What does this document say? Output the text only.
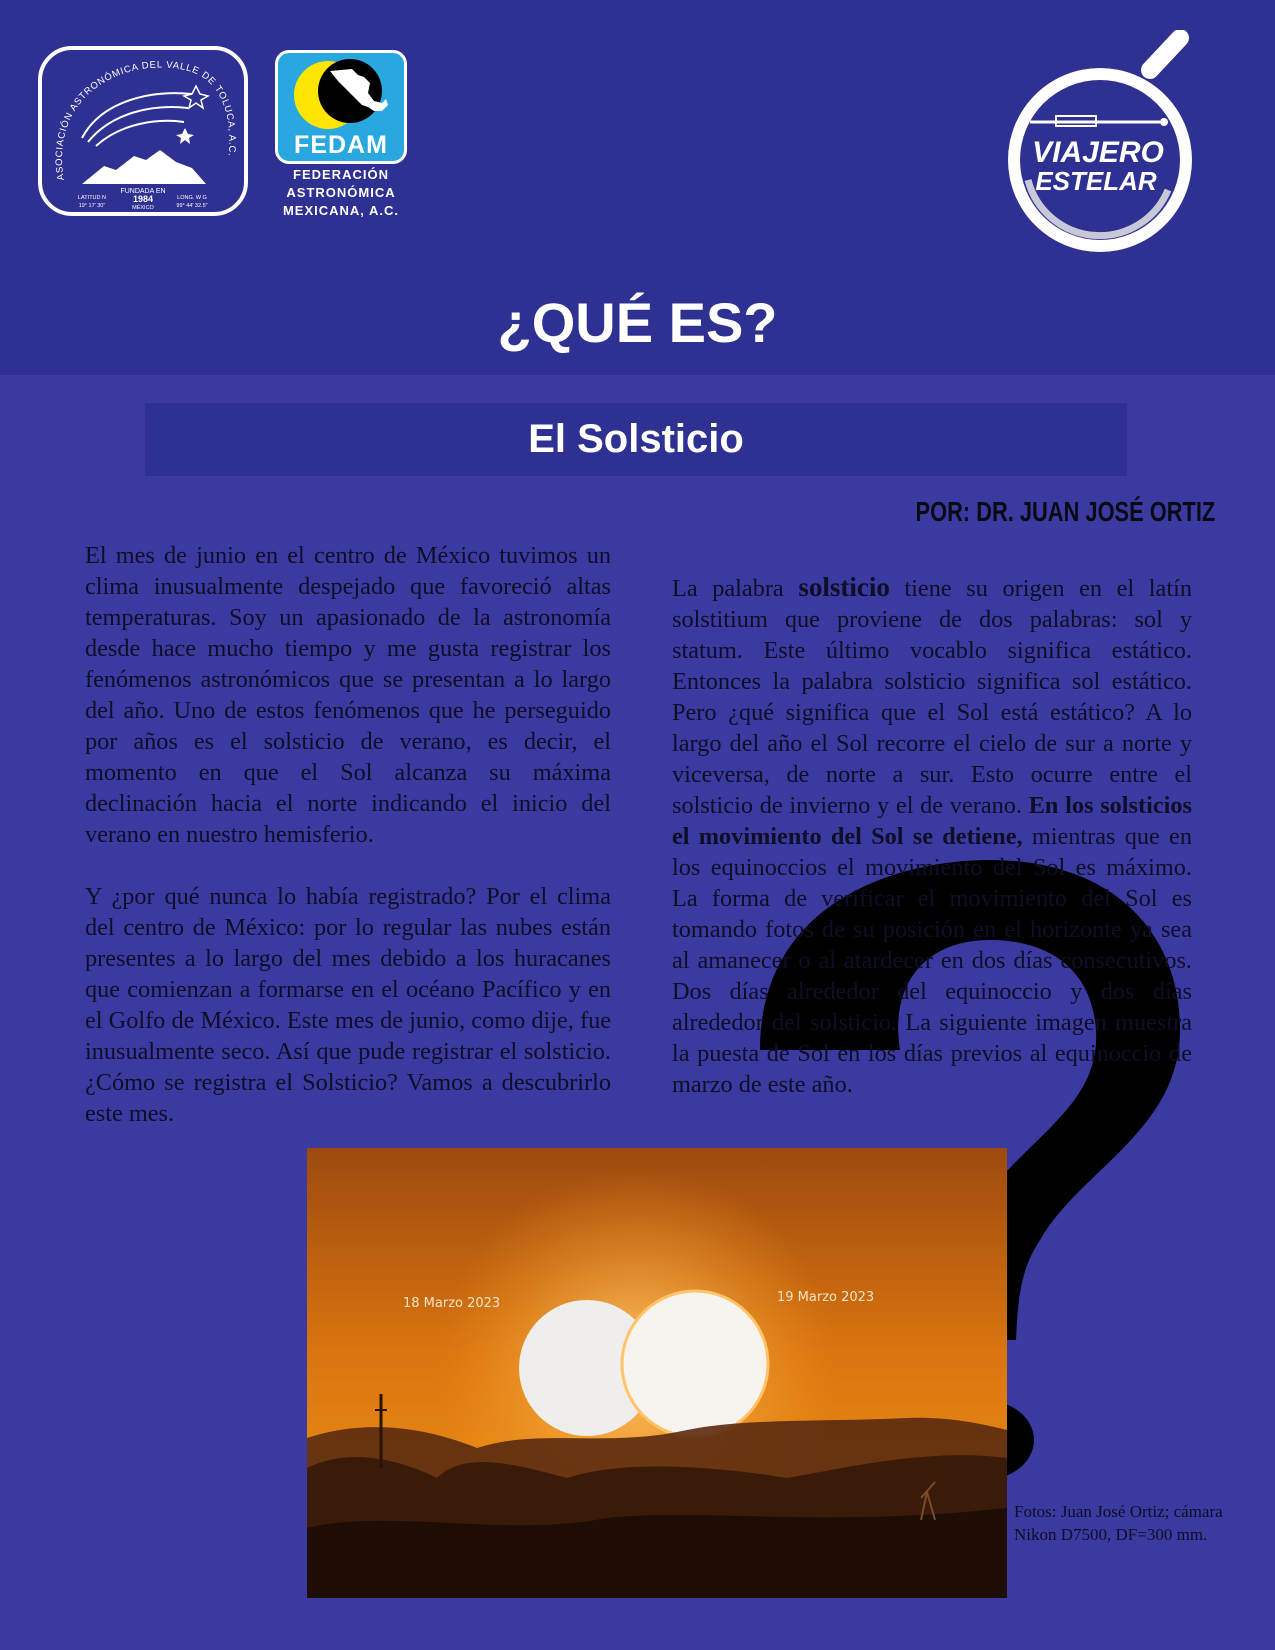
ASOCIACIÓN ASTRONÓMICA DEL VALLE DE TOLUCA, A.C.
FUNDADA EN
1984
MÉXICO
LATITUD N
19° 17' 30"
LONG. W G
99° 44' 32.5"
FEDAM
FEDERACIÓN
ASTRONÓMICA
MEXICANA, A.C.
VIAJERO
ESTELAR
¿QUÉ ES?
El Solsticio
POR: DR. JUAN JOSÉ ORTIZ

El mes de junio en el centro de México tuvimos un clima inusualmente despejado que favoreció altas temperaturas. Soy un apasionado de la astronomía desde hace mucho tiempo y me gusta registrar los fenómenos astronómicos que se presentan a lo largo del año. Uno de estos fenómenos que he perseguido por años es el solsticio de verano, es decir, el momento en que el Sol alcanza su máxima declinación hacia el norte indicando el inicio del verano en nuestro hemisferio.

Y ¿por qué nunca lo había registrado? Por el clima del centro de México: por lo regular las nubes están presentes a lo largo del mes debido a los huracanes que comienzan a formarse en el océano Pacífico y en el Golfo de México. Este mes de junio, como dije, fue inusualmente seco. Así que pude registrar el solsticio. ¿Cómo se registra el Solsticio? Vamos a descubrirlo este mes.

La palabra solsticio tiene su origen en el latín solstitium que proviene de dos palabras: sol y statum. Este último vocablo significa estático. Entonces la palabra solsticio significa sol estático. Pero ¿qué significa que el Sol está estático? A lo largo del año el Sol recorre el cielo de sur a norte y viceversa, de norte a sur. Esto ocurre entre el solsticio de invierno y el de verano. En los solsticios el movimiento del Sol se detiene, mientras que en los equinoccios el movimiento del Sol es máximo. La forma de verificar el movimiento del Sol es tomando fotos de su posición en el horizonte ya sea al amanecer o al atardecer en dos días consecutivos. Dos días alrededor del equinoccio y dos días alrededor del solsticio. La siguiente imagen muestra la puesta de Sol en los días previos al equinoccio de marzo de este año.

18 Marzo 2023	19 Marzo 2023
Fotos: Juan José Ortiz; cámara Nikon D7500, DF=300 mm.
